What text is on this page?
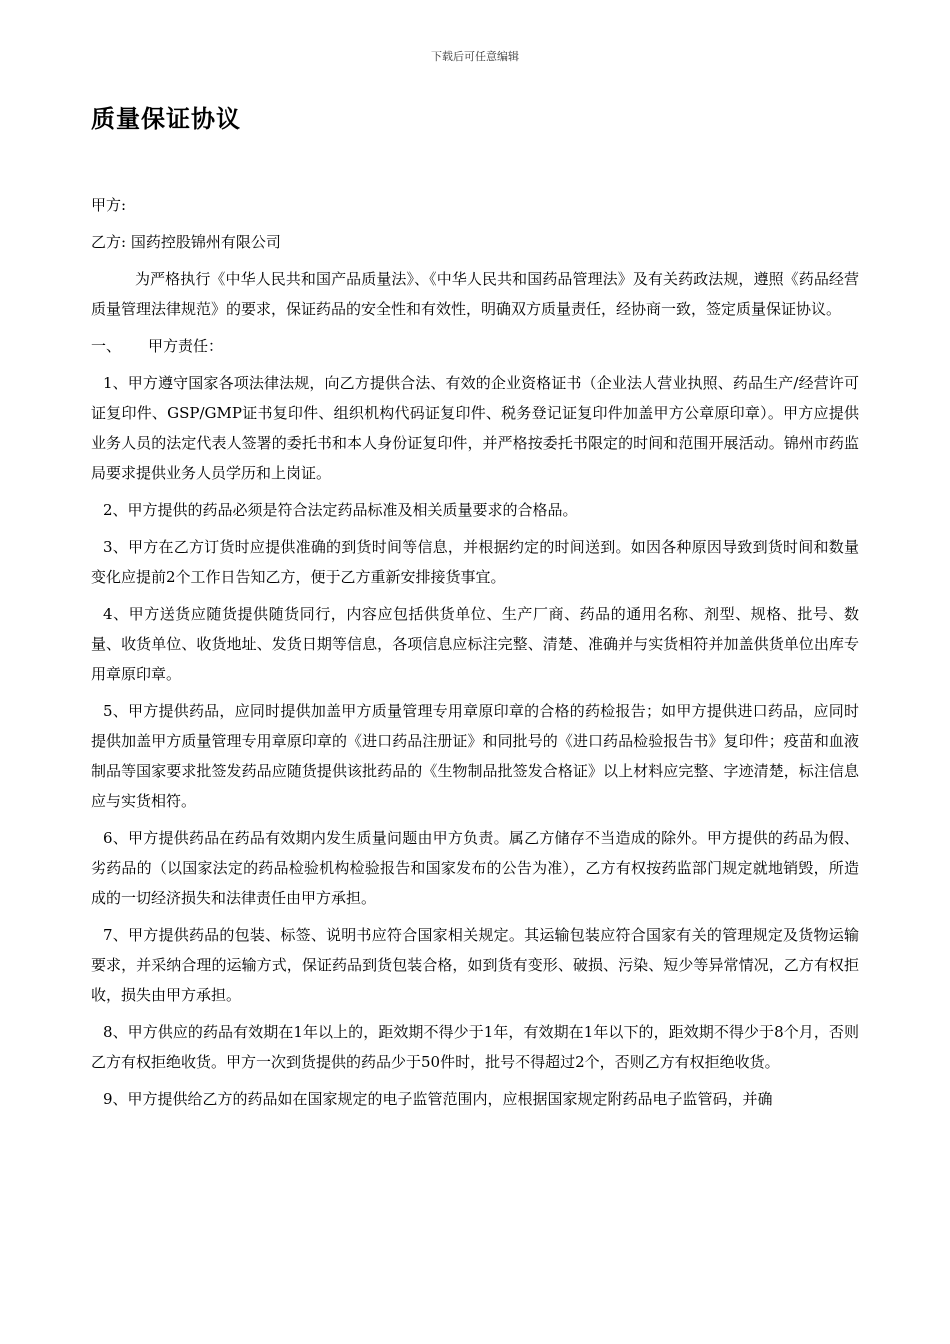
下载后可任意编辑
质量保证协议

甲方:

乙方: 国药控股锦州有限公司

为严格执行《中华人民共和国产品质量法》、《中华人民共和国药品管理法》及有关药政法规，遵照《药品经营质量管理法律规范》的要求，保证药品的安全性和有效性，明确双方质量责任，经协商一致，签定质量保证协议。

一、 甲方责任：

1、甲方遵守国家各项法律法规，向乙方提供合法、有效的企业资格证书（企业法人营业执照、药品生产/经营许可证复印件、GSP/GMP证书复印件、组织机构代码证复印件、税务登记证复印件加盖甲方公章原印章）。甲方应提供业务人员的法定代表人签署的委托书和本人身份证复印件，并严格按委托书限定的时间和范围开展活动。锦州市药监局要求提供业务人员学历和上岗证。

2、甲方提供的药品必须是符合法定药品标准及相关质量要求的合格品。

3、甲方在乙方订货时应提供准确的到货时间等信息，并根据约定的时间送到。如因各种原因导致到货时间和数量变化应提前2个工作日告知乙方，便于乙方重新安排接货事宜。

4、甲方送货应随货提供随货同行，内容应包括供货单位、生产厂商、药品的通用名称、剂型、规格、批号、数量、收货单位、收货地址、发货日期等信息，各项信息应标注完整、清楚、准确并与实货相符并加盖供货单位出库专用章原印章。

5、甲方提供药品，应同时提供加盖甲方质量管理专用章原印章的合格的药检报告；如甲方提供进口药品，应同时提供加盖甲方质量管理专用章原印章的《进口药品注册证》和同批号的《进口药品检验报告书》复印件；疫苗和血液制品等国家要求批签发药品应随货提供该批药品的《生物制品批签发合格证》以上材料应完整、字迹清楚，标注信息应与实货相符。

6、甲方提供药品在药品有效期内发生质量问题由甲方负责。属乙方储存不当造成的除外。甲方提供的药品为假、劣药品的（以国家法定的药品检验机构检验报告和国家发布的公告为准），乙方有权按药监部门规定就地销毁，所造成的一切经济损失和法律责任由甲方承担。

7、甲方提供药品的包装、标签、说明书应符合国家相关规定。其运输包装应符合国家有关的管理规定及货物运输要求，并采纳合理的运输方式，保证药品到货包装合格，如到货有变形、破损、污染、短少等异常情况，乙方有权拒收，损失由甲方承担。

8、甲方供应的药品有效期在1年以上的，距效期不得少于1年，有效期在1年以下的，距效期不得少于8个月，否则乙方有权拒绝收货。甲方一次到货提供的药品少于50件时，批号不得超过2个，否则乙方有权拒绝收货。

9、甲方提供给乙方的药品如在国家规定的电子监管范围内，应根据国家规定附药品电子监管码，并确
